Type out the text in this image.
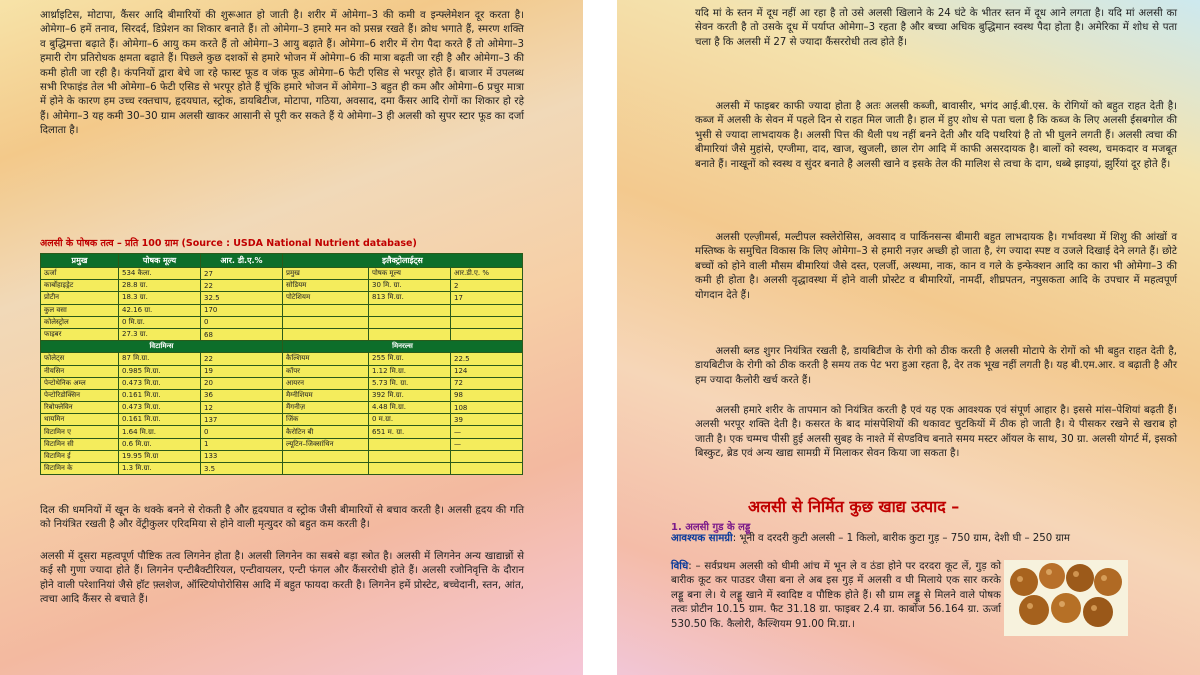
आर्थ्राइटिस, मोटापा, कैंसर आदि बीमारियों की शुरूआत हो जाती है। शरीर में ओमेगा–3 की कमी व इन्फ्लेमेशन दूर करता है। ओमेगा–6 हमें तनाव, सिरदर्द, डिप्रेशन का शिकार बनाते हैं। तो ओमेगा–3 हमारे मन को प्रसन्न रखते हैं। क्रोध भगाते हैं, स्मरण शक्ति व बुद्धिमत्ता बढ़ाते हैं। ओमेगा–6 आयु कम करते हैं तो ओमेगा–3 आयु बढ़ाते हैं। ओमेगा–6 शरीर में रोग पैदा करते हैं तो ओमेगा–3 हमारी रोग प्रतिरोधक क्षमता बढ़ाते हैं। पिछले कुछ दशकों से हमारे भोजन में ओमेगा–6 की मात्रा बढ़ती जा रही है और ओमेगा–3 की कमी होती जा रही है। कंपनियों द्वारा बेचे जा रहे फास्ट फूड व जंक फूड ओमेगा–6 फेटी एसिड से भरपूर होते हैं। बाजार में उपलब्ध सभी रिफाइंड तेल भी ओमेगा–6 फेटी एसिड से भरपूर होते हैं चूंकि हमारे भोजन में ओमेगा–3 बहुत ही कम और ओमेगा–6 प्रचुर मात्रा में होने के कारण हम उच्च रक्तचाप, हृदयघात, स्ट्रोक, डायबिटीज, मोटापा, गठिया, अवसाद, दमा कैंसर आदि रोगों का शिकार हो रहे हैं। ओमेगा–3 यह कमी 30–30 ग्राम अलसी खाकर आसानी से पूरी कर सकते हैं ये ओमेगा–3 ही अलसी को सुपर स्टार फूड का दर्जा दिलाता है।

अलसी के पोषक तत्व – प्रति 100 ग्राम (Source : USDA National Nutrient database)

प्रमुख	पोषक मूल्य	आर. डी.ए.%	इलैक्ट्रोलाईट्स		
ऊर्जा	534 कैला.	27	प्रमुख	पोषक मूल्य	आर.डी.ए. %
कार्बोहाइड्रेट	28.8 ग्रा.	22	सोडियम	30 मि. ग्रा.	2
प्रोटीन	18.3 ग्रा.	32.5	पोटेशियम	813 मि.ग्रा.	17
कुल वसा	42.16 ग्रा.	170			
कोलेस्ट्रोल	0 मि.ग्रा.	0			
फाइबर	27.3 ग्रा.	68			
विटामिन्स			मिनरल्स		
फोलेट्स	87 मि.ग्रा.	22	कैल्शियम	255 मि.ग्रा.	22.5
नीयसिन	0.985 मि.ग्रा.	19	कॉपर	1.12 मि.ग्रा.	124
पेन्टोथेनिक अम्ल	0.473 मि.ग्रा.	20	आयरन	5.73 मि. ग्रा.	72
पेन्टोरिडोक्सिन	0.161 मि.ग्रा.	36	मैग्नीशियम	392 मि.ग्रा.	98
रिबोफ्लेविन	0.473 मि.ग्रा.	12	मैंगनीज़	4.48 मि.ग्रा.	108
थायमिन	0.161 मि.ग्रा.	137	जिंक	0 म.ग्रा.	39
विटामिन ए	1.64 मि.ग्रा.	0	कैरोटिन बी	651 म. ग्रा.	—
विटामिन सी	0.6 मि.ग्रा.	1	ल्यूटिन–जिक्सांथिन		—
विटामिन ई	19.95 मि.ग्रा	133			
विटामिन के	1.3 मि.ग्रा.	3.5			

दिल की धमनियों में खून के थक्के बनने से रोकती है और हृदयघात व स्ट्रोक जैसी बीमारियों से बचाव करती है। अलसी हृदय की गति को नियंत्रित रखती है और वेंट्रीकुलर एरिदमिया से होने वाली मृत्युदर को बहुत कम करती है।

अलसी में दूसरा महत्वपूर्ण पौष्टिक तत्व लिगनेन होता है। अलसी लिगनेन का सबसे बड़ा स्त्रोत है। अलसी में लिगनेन अन्य खाद्यान्नों से कई सौ गुणा ज्यादा होते हैं। लिगनेन एन्टीबैक्टीरियल, एन्टीवायलर, एन्टी फंगल और कैंसररोधी होते हैं। अलसी रजोनिवृत्ति के दौरान होने वाली परेशानियां जैसे हॉट फ़्लशेज, ऑस्टियोपोरोसिस आदि में बहुत फायदा करती है। लिगनेन हमें प्रोस्टेट, बच्चेदानी, स्तन, आंत, त्वचा आदि कैंसर से बचाते हैं।

यदि मां के स्तन में दूध नहीं आ रहा है तो उसे अलसी खिलाने के 24 घंटे के भीतर स्तन में दूध आने लगता है। यदि मां अलसी का सेवन करती है तो उसके दूध में पर्याप्त ओमेगा–3 रहता है और बच्चा अधिक बुद्धिमान स्वस्थ पैदा होता है। अमेरिका में शोध से पता चला है कि अलसी में 27 से ज्यादा कैंसररोधी तत्व होते हैं।

अलसी में फाइबर काफी ज्यादा होता है अतः अलसी कब्जी, बावासीर, भगंद आई.बी.एस. के रोगियों को बहुत राहत देती है। कब्ज में अलसी के सेवन में पहले दिन से राहत मिल जाती है। हाल में हुए शोध से पता चला है कि कब्ज के लिए अलसी ईसबगोल की भुसी से ज्यादा लाभदायक है। अलसी पित्त की थैली पथ नहीं बनने देती और यदि पथरियां है तो भी घुलने लगती हैं। अलसी त्वचा की बीमारियां जैसे मुहांसे, एग्जीमा, दाद, खाज, खुजली, छाल रोग आदि में काफी असरदायक है। बालों को स्वस्थ, चमकदार व मजबूत बनाते हैं। नाखूनों को स्वस्थ व सुंदर बनाते है अलसी खाने व इसके तेल की मालिश से त्वचा के दाग, धब्बे झाइयां, झुर्रियां दूर होते हैं।

अलसी एल्ज़ीमर्स, मल्टीपल स्क्लेरोसिस, अवसाद व पार्किनसन्स बीमारी बहुत लाभदायक है। गर्भावस्था में शिशु की आंखों व मस्तिष्क के समुचित विकास कि लिए ओमेगा–3 से हमारी नज़र अच्छी हो जाता है, रंग ज्यादा स्पष्ट व उजले दिखाई देने लगते हैं। छोटे बच्चों को होने वाली मौसम बीमारियां जैसे दस्त, एलर्जी, अस्थमा, नाक, कान व गले के इन्फेक्शन आदि का कारा भी ओमेगा–3 की कमी ही होता है। अलसी वृद्धावस्था में होने वाली प्रोस्टेट व बीमारियों, नामर्दी, शीघ्रपतन, नपुसकता आदि के उपचार में महत्वपूर्ण योगदान देते हैं।

अलसी ब्लड शुगर नियंत्रित रखती है, डायबिटीज के रोगी को ठीक करती है अलसी मोटापे के रोगों को भी बहुत राहत देती है, डायबिटीज के रोगी को ठीक करती है समय तक पेट भरा हुआ रहता है, देर तक भूख नहीं लगती है। यह बी.एम.आर. व बढ़ाती है और हम ज्यादा कैलोरी खर्च करते हैं।

अलसी हमारे शरीर के तापमान को नियंत्रित करती है एवं यह एक आवश्यक एवं संपूर्ण आहार है। इससे मांस–पेशियां बढ़ती हैं। अलसी भरपूर शक्ति देती है। कसरत के बाद मांसपेशियों की थकावट चुटकियों में ठीक हो जाती है। ये पीसकर रखने से खराब हो जाती है। एक चम्मच पीसी हुई अलसी सुबह के नाश्ते में सेण्डविच बनाते समय मस्टर ऑयल के साथ, 30 ग्रा. अलसी योगर्ट में, इसको बिस्कुट, ब्रेड एवं अन्य खाद्य सामग्री में मिलाकर सेवन किया जा सकता है।

अलसी से निर्मित कुछ खाद्य उत्पाद –

1. अलसी गुड के लड्डू

आवश्यक सामग्री: भूनी व दरदरी कुटी अलसी – 1 किलो, बारीक कुटा गुड़ – 750 ग्राम, देशी घी – 250 ग्राम

विधि: – सर्वप्रथम अलसी को धीमी आंच में भून ले व ठंडा होने पर दरदरा कूट लें, गुड़ को बारीक कूट कर पाउडर जैसा बना ले अब इस गुड़ में अलसी व घी मिलाये एक सार करके लड्डू बना ले। ये लड्डू खाने में स्वादिष्ट व पौष्टिक होते हैं। सौ ग्राम लड्डू से मिलने वाले पोषक तत्वः प्रोटीन 10.15 ग्राम. फैट 31.18 ग्रा. फाइबर 2.4 ग्रा. कार्बोज 56.164 ग्रा. ऊर्जा 530.50 कि. कैलोरी, कैल्शियम 91.00 मि.ग्रा.।
